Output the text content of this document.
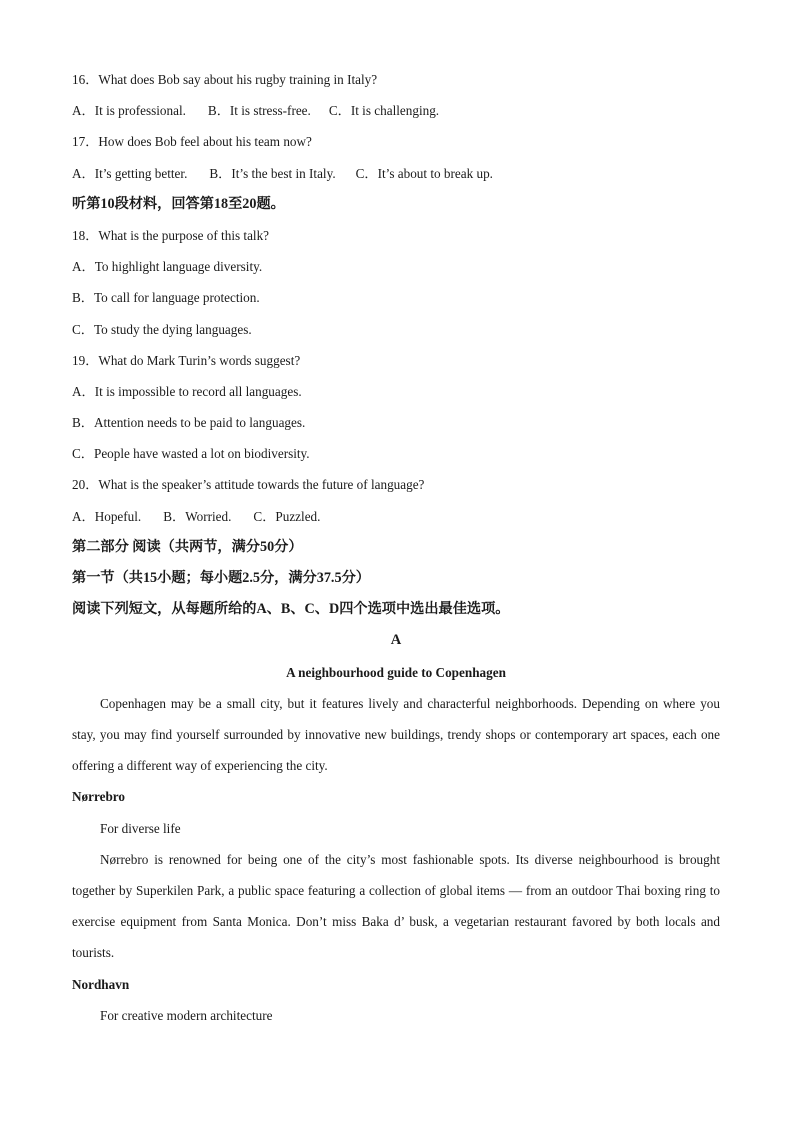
16．What does Bob say about his rugby training in Italy?
A．It is professional. B．It is stress-free. C．It is challenging.
17．How does Bob feel about his team now?
A．It’s getting better. B．It’s the best in Italy. C．It’s about to break up.
听第10段材料，回答第18至20题。
18．What is the purpose of this talk?
A．To highlight language diversity.
B．To call for language protection.
C．To study the dying languages.
19．What do Mark Turin’s words suggest?
A．It is impossible to record all languages.
B．Attention needs to be paid to languages.
C．People have wasted a lot on biodiversity.
20．What is the speaker’s attitude towards the future of language?
A．Hopeful. B．Worried. C．Puzzled.
第二部分 阅读（共两节，满分50分）
第一节（共15小题；每小题2.5分，满分37.5分）
阅读下列短文，从每题所给的A、B、C、D四个选项中选出最佳选项。
A
A neighbourhood guide to Copenhagen

Copenhagen may be a small city, but it features lively and characterful neighborhoods. Depending on where you stay, you may find yourself surrounded by innovative new buildings, trendy shops or contemporary art spaces, each one offering a different way of experiencing the city.

Nørrebro
For diverse life

Nørrebro is renowned for being one of the city’s most fashionable spots. Its diverse neighbourhood is brought together by Superkilen Park, a public space featuring a collection of global items — from an outdoor Thai boxing ring to exercise equipment from Santa Monica. Don’t miss Baka d’ busk, a vegetarian restaurant favored by both locals and tourists.

Nordhavn
For creative modern architecture
